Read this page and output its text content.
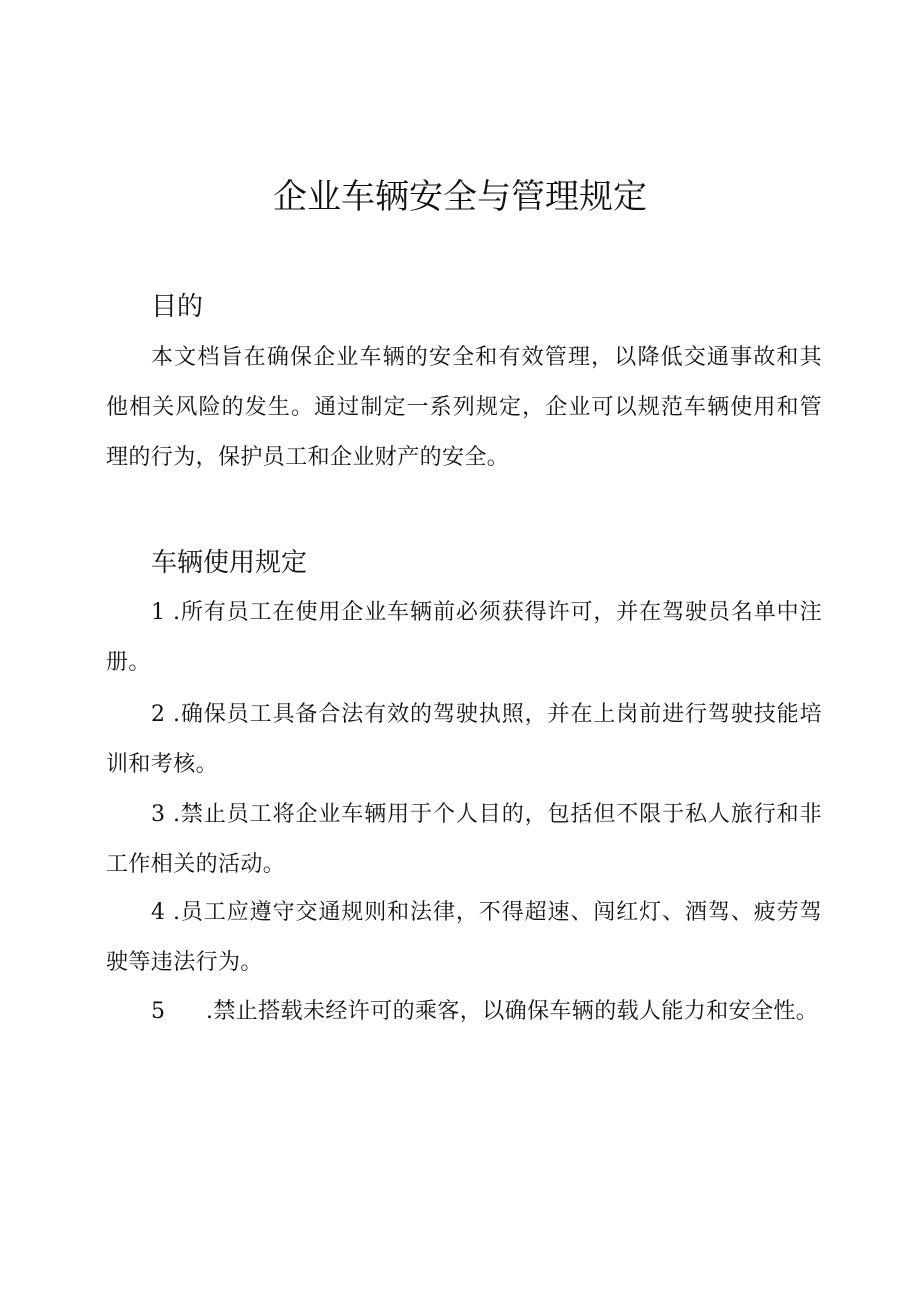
企业车辆安全与管理规定
目的
本文档旨在确保企业车辆的安全和有效管理，以降低交通事故和其他相关风险的发生。通过制定一系列规定，企业可以规范车辆使用和管理的行为，保护员工和企业财产的安全。
车辆使用规定
1 .所有员工在使用企业车辆前必须获得许可，并在驾驶员名单中注册。
2 .确保员工具备合法有效的驾驶执照，并在上岗前进行驾驶技能培训和考核。
3 .禁止员工将企业车辆用于个人目的，包括但不限于私人旅行和非工作相关的活动。
4 .员工应遵守交通规则和法律，不得超速、闯红灯、酒驾、疲劳驾驶等违法行为。
5 .禁止搭载未经许可的乘客，以确保车辆的载人能力和安全性。
